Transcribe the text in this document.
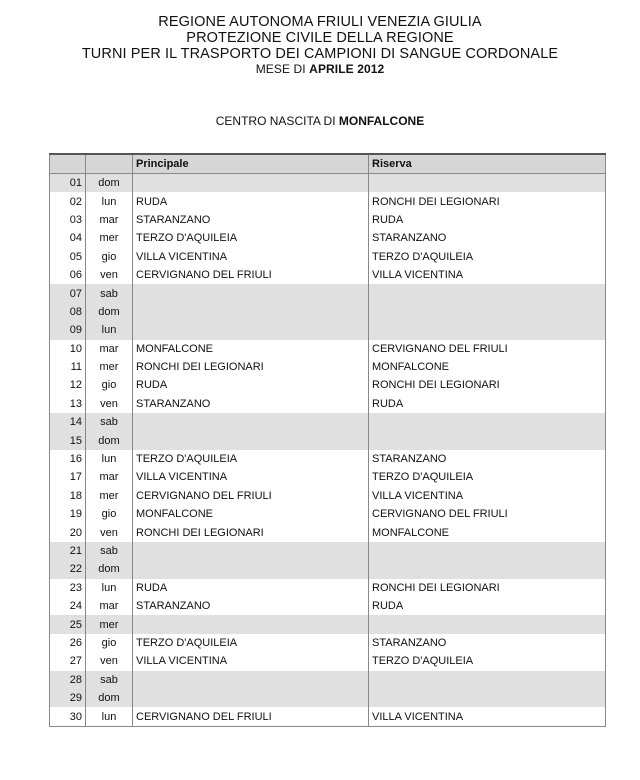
REGIONE AUTONOMA FRIULI VENEZIA GIULIA
PROTEZIONE CIVILE DELLA REGIONE
TURNI PER IL TRASPORTO DEI CAMPIONI DI SANGUE CORDONALE
MESE DI APRILE 2012
CENTRO NASCITA DI MONFALCONE
		Principale	Riserva
01	dom		
02	lun	RUDA	RONCHI DEI LEGIONARI
03	mar	STARANZANO	RUDA
04	mer	TERZO D'AQUILEIA	STARANZANO
05	gio	VILLA VICENTINA	TERZO D'AQUILEIA
06	ven	CERVIGNANO DEL FRIULI	VILLA VICENTINA
07	sab		
08	dom		
09	lun		
10	mar	MONFALCONE	CERVIGNANO DEL FRIULI
11	mer	RONCHI DEI LEGIONARI	MONFALCONE
12	gio	RUDA	RONCHI DEI LEGIONARI
13	ven	STARANZANO	RUDA
14	sab		
15	dom		
16	lun	TERZO D'AQUILEIA	STARANZANO
17	mar	VILLA VICENTINA	TERZO D'AQUILEIA
18	mer	CERVIGNANO DEL FRIULI	VILLA VICENTINA
19	gio	MONFALCONE	CERVIGNANO DEL FRIULI
20	ven	RONCHI DEI LEGIONARI	MONFALCONE
21	sab		
22	dom		
23	lun	RUDA	RONCHI DEI LEGIONARI
24	mar	STARANZANO	RUDA
25	mer		
26	gio	TERZO D'AQUILEIA	STARANZANO
27	ven	VILLA VICENTINA	TERZO D'AQUILEIA
28	sab		
29	dom		
30	lun	CERVIGNANO DEL FRIULI	VILLA VICENTINA
